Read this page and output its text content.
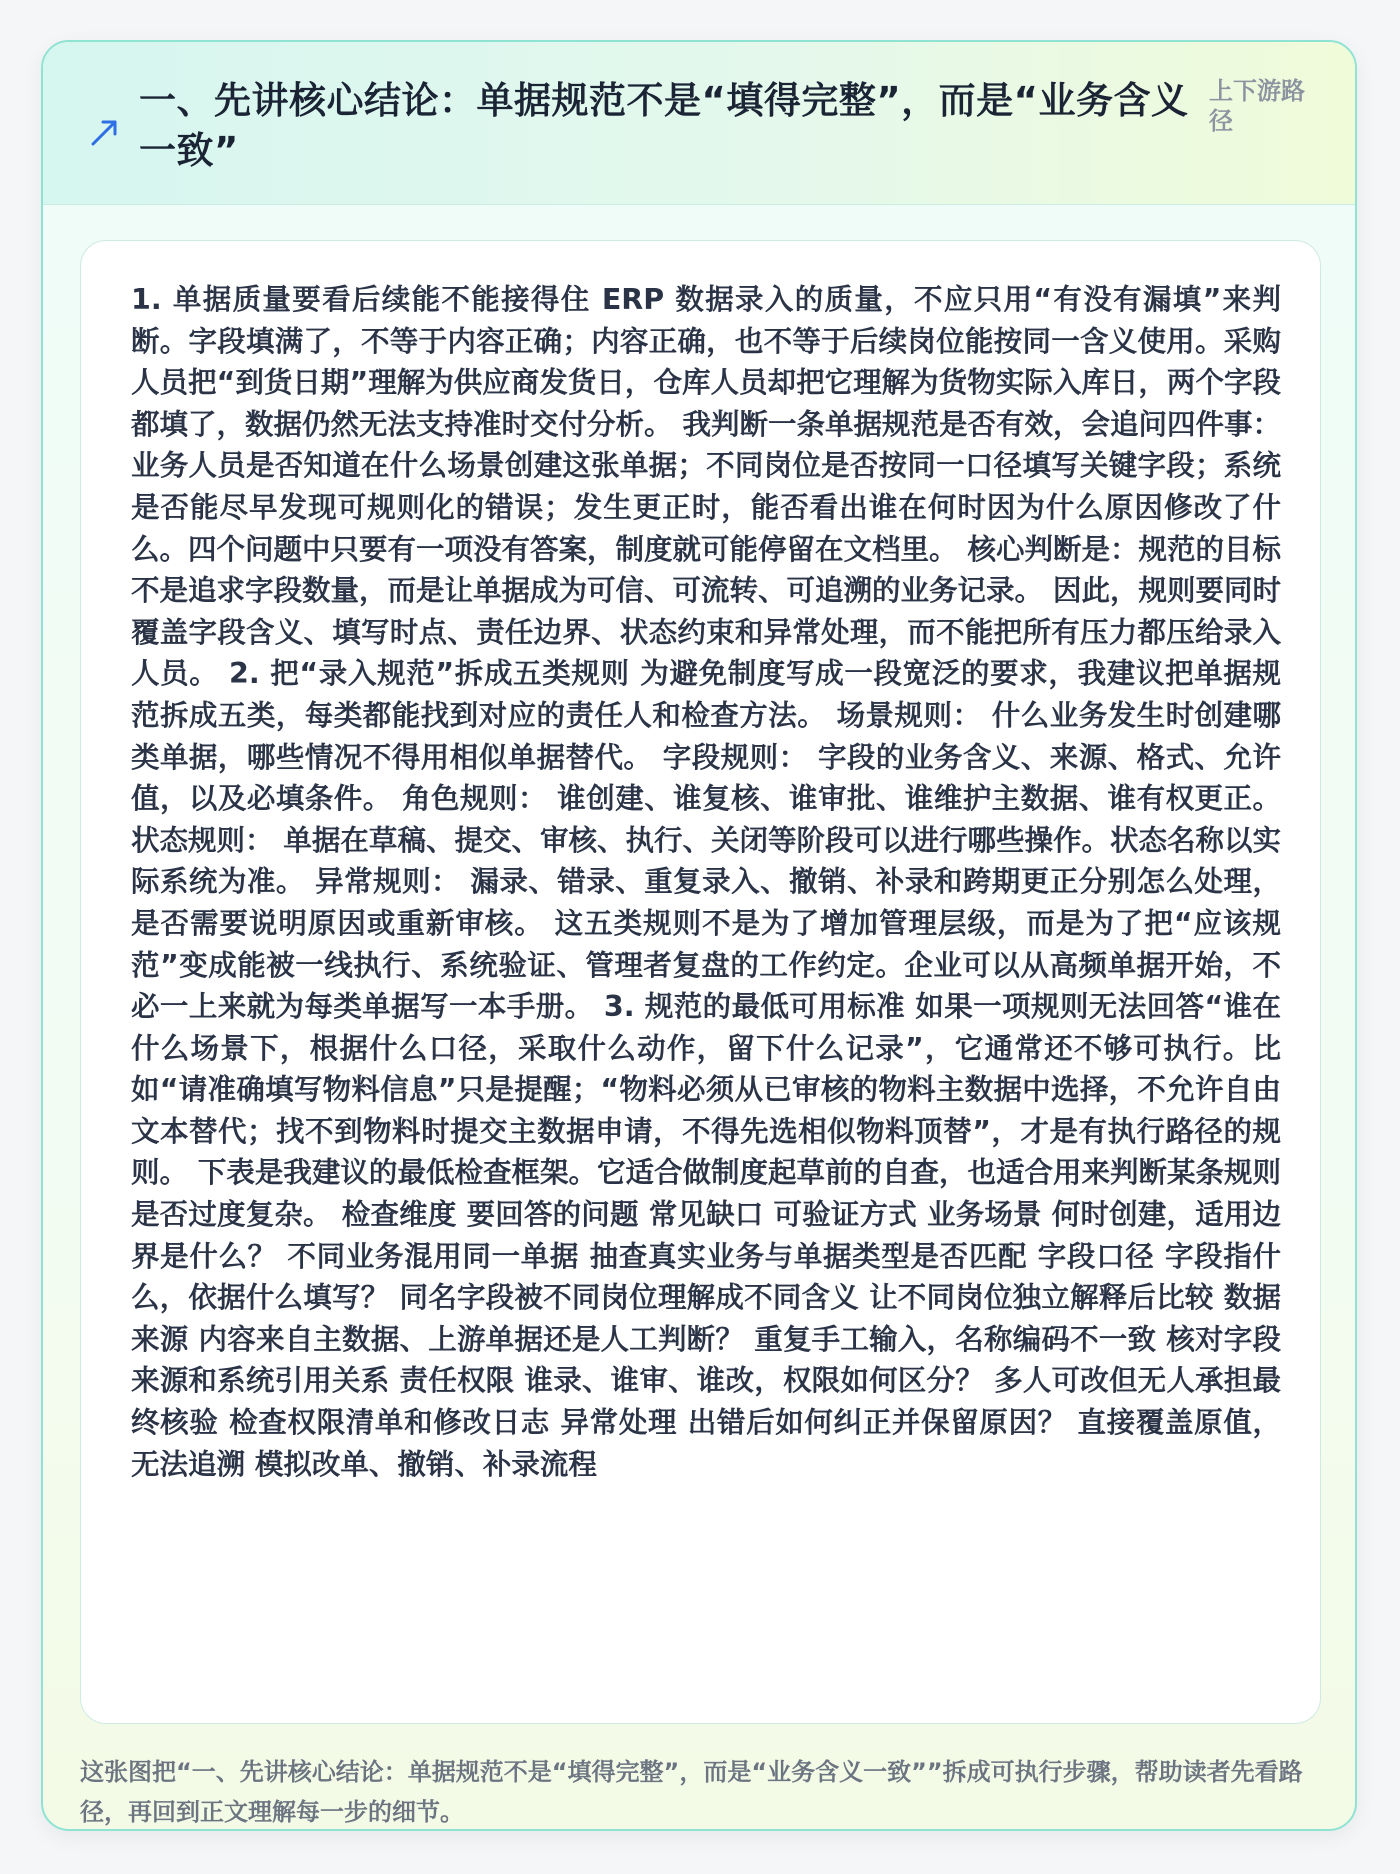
一、先讲核心结论：单据规范不是“填得完整”，而是“业务含义一致”
上下游路径

1. 单据质量要看后续能不能接得住 ERP 数据录入的质量，不应只用“有没有漏填”来判断。字段填满了，不等于内容正确；内容正确，也不等于后续岗位能按同一含义使用。采购人员把“到货日期”理解为供应商发货日，仓库人员却把它理解为货物实际入库日，两个字段都填了，数据仍然无法支持准时交付分析。 我判断一条单据规范是否有效，会追问四件事：业务人员是否知道在什么场景创建这张单据；不同岗位是否按同一口径填写关键字段；系统是否能尽早发现可规则化的错误；发生更正时，能否看出谁在何时因为什么原因修改了什么。四个问题中只要有一项没有答案，制度就可能停留在文档里。 核心判断是：规范的目标不是追求字段数量，而是让单据成为可信、可流转、可追溯的业务记录。 因此，规则要同时覆盖字段含义、填写时点、责任边界、状态约束和异常处理，而不能把所有压力都压给录入人员。 2. 把“录入规范”拆成五类规则 为避免制度写成一段宽泛的要求，我建议把单据规范拆成五类，每类都能找到对应的责任人和检查方法。 场景规则： 什么业务发生时创建哪类单据，哪些情况不得用相似单据替代。 字段规则： 字段的业务含义、来源、格式、允许值，以及必填条件。 角色规则： 谁创建、谁复核、谁审批、谁维护主数据、谁有权更正。 状态规则： 单据在草稿、提交、审核、执行、关闭等阶段可以进行哪些操作。状态名称以实际系统为准。 异常规则： 漏录、错录、重复录入、撤销、补录和跨期更正分别怎么处理，是否需要说明原因或重新审核。 这五类规则不是为了增加管理层级，而是为了把“应该规范”变成能被一线执行、系统验证、管理者复盘的工作约定。企业可以从高频单据开始，不必一上来就为每类单据写一本手册。 3. 规范的最低可用标准 如果一项规则无法回答“谁在什么场景下，根据什么口径，采取什么动作，留下什么记录”，它通常还不够可执行。比如“请准确填写物料信息”只是提醒；“物料必须从已审核的物料主数据中选择，不允许自由文本替代；找不到物料时提交主数据申请，不得先选相似物料顶替”，才是有执行路径的规则。 下表是我建议的最低检查框架。它适合做制度起草前的自查，也适合用来判断某条规则是否过度复杂。 检查维度 要回答的问题 常见缺口 可验证方式 业务场景 何时创建，适用边界是什么？ 不同业务混用同一单据 抽查真实业务与单据类型是否匹配 字段口径 字段指什么，依据什么填写？ 同名字段被不同岗位理解成不同含义 让不同岗位独立解释后比较 数据来源 内容来自主数据、上游单据还是人工判断？ 重复手工输入，名称编码不一致 核对字段来源和系统引用关系 责任权限 谁录、谁审、谁改，权限如何区分？ 多人可改但无人承担最终核验 检查权限清单和修改日志 异常处理 出错后如何纠正并保留原因？ 直接覆盖原值，无法追溯 模拟改单、撤销、补录流程

这张图把“一、先讲核心结论：单据规范不是“填得完整”，而是“业务含义一致””拆成可执行步骤，帮助读者先看路径，再回到正文理解每一步的细节。
